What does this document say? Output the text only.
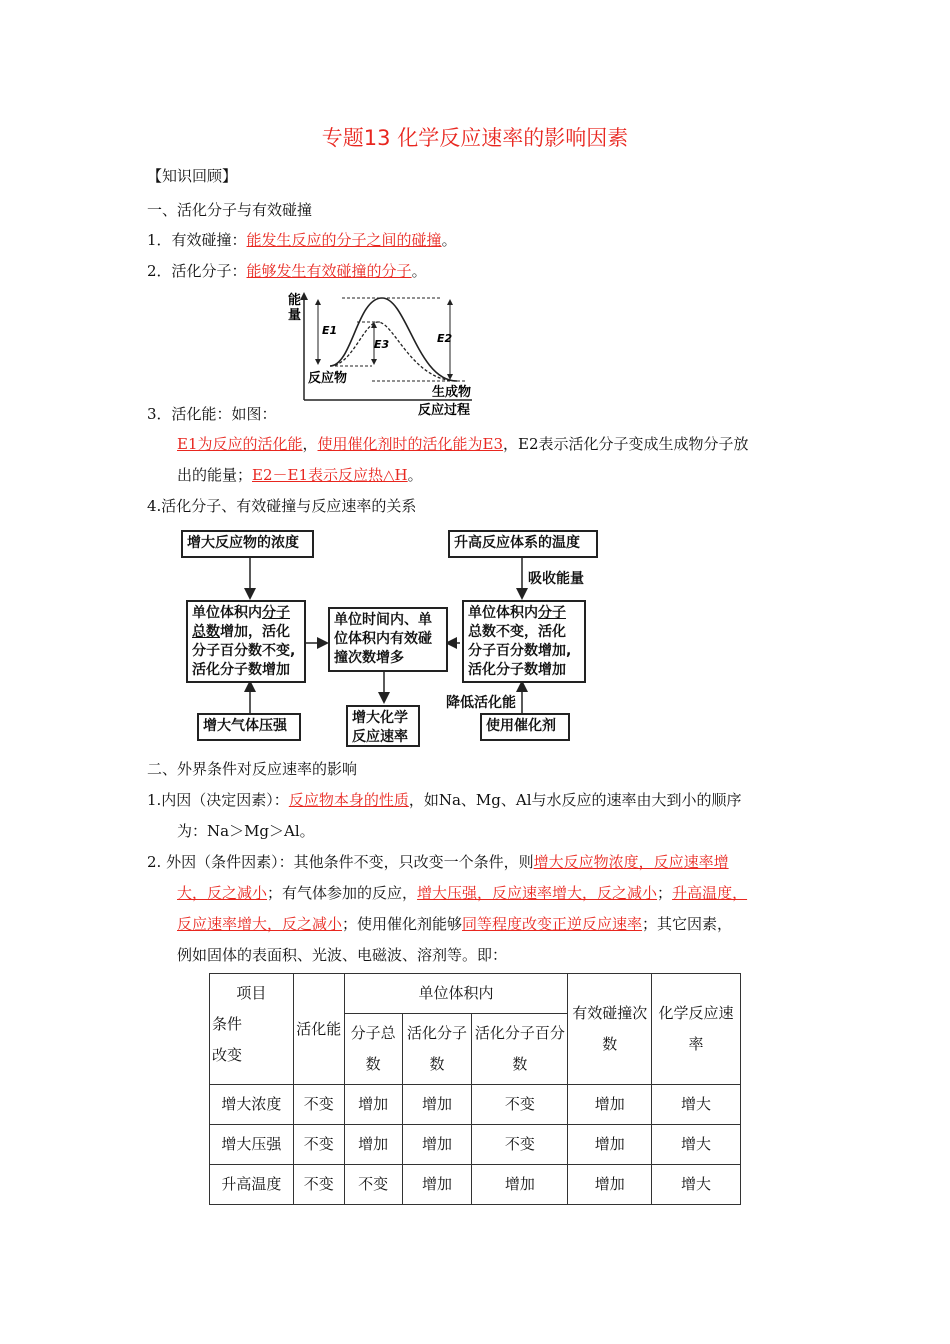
专题13 化学反应速率的影响因素
【知识回顾】
一、活化分子与有效碰撞
1．有效碰撞：能发生反应的分子之间的碰撞。
2．活化分子：能够发生有效碰撞的分子。
能
量
E1
E3	E2
反应物
生成物
反应过程
3．活化能：如图：
E1为反应的活化能，使用催化剂时的活化能为E3，E2表示活化分子变成生成物分子放
出的能量；E2－E1表示反应热△H。
4.活化分子、有效碰撞与反应速率的关系
增大反应物的浓度	升高反应体系的温度
吸收能量
单位体积内分子
总数增加，活化
分子百分数不变,
活化分子数增加
单位时间内、单位体积内有效碰撞次数增多
单位体积内分子
总数不变，活化
分子百分数增加,
活化分子数增加
降低活化能
增大气体压强	增大化学反应速率
使用催化剂
二、外界条件对反应速率的影响
1.内因（决定因素）：反应物本身的性质，如Na、Mg、Al与水反应的速率由大到小的顺序
为：Na＞Mg＞Al。
2. 外因（条件因素）：其他条件不变，只改变一个条件，则增大反应物浓度，反应速率增
大，反之减小；有气体参加的反应，增大压强，反应速率增大，反之减小；升高温度，
反应速率增大，反之减小；使用催化剂能够同等程度改变正逆反应速率；其它因素，
例如固体的表面积、光波、电磁波、溶剂等。即：
项目
条件
改变	活化能	单位体积内			有效碰撞次数	化学反应速率
		分子总数	活化分子数	活化分子百分数		
增大浓度	不变	增加	增加	不变	增加	增大
增大压强	不变	增加	增加	不变	增加	增大
升高温度	不变	不变	增加	增加	增加	增大
